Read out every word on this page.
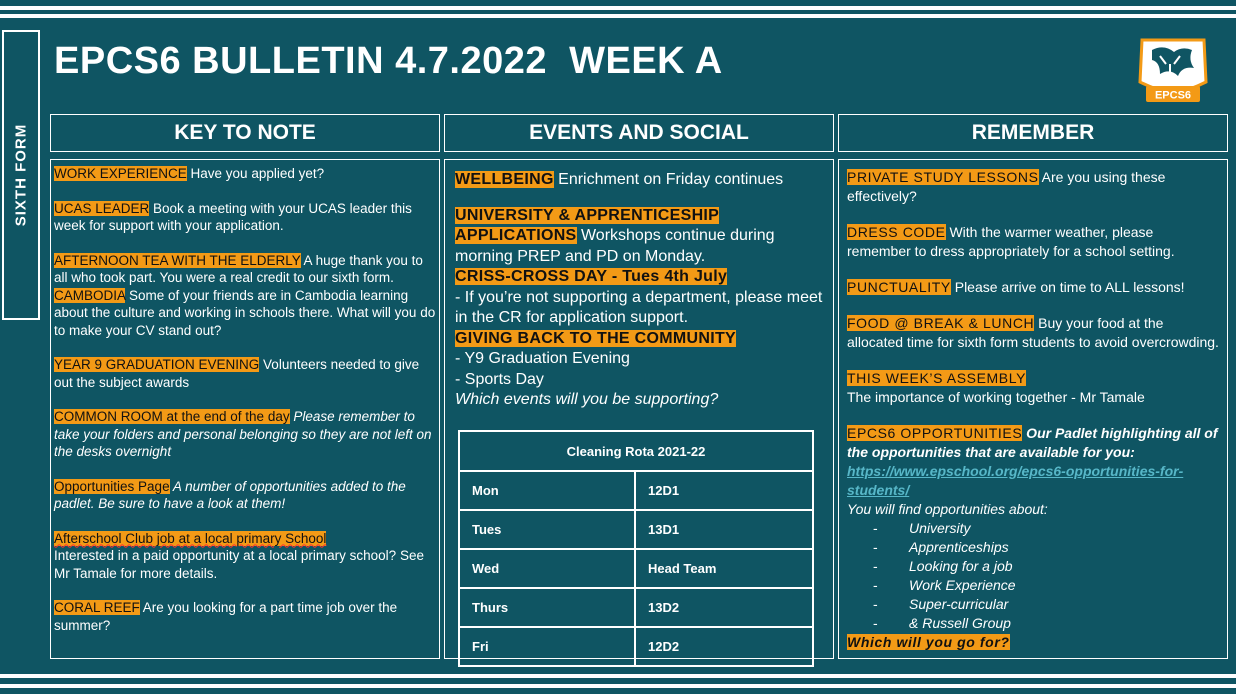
SIXTH FORM
EPCS6 BULLETIN 4.7.2022  WEEK A
EPCS6
KEY TO NOTE	EVENTS AND SOCIAL	REMEMBER
WORK EXPERIENCE Have you applied yet?
UCAS LEADER Book a meeting with your UCAS leader this week for support with your application.
AFTERNOON TEA WITH THE ELDERLY A huge thank you to all who took part. You were a real credit to our sixth form.
CAMBODIA Some of your friends are in Cambodia learning about the culture and working in schools there. What will you do to make your CV stand out?
YEAR 9 GRADUATION EVENING Volunteers needed to give out the subject awards
COMMON ROOM at the end of the day Please remember to take your folders and personal belonging so they are not left on the desks overnight
Opportunities Page A number of opportunities added to the padlet. Be sure to have a look at them!
Afterschool Club job at a local primary School
Interested in a paid opportunity at a local primary school? See Mr Tamale for more details.
CORAL REEF Are you looking for a part time job over the summer?
WELLBEING Enrichment on Friday continues
UNIVERSITY & APPRENTICESHIP
APPLICATIONS Workshops continue during morning PREP and PD on Monday.
CRISS-CROSS DAY - Tues 4th July
- If you’re not supporting a department, please meet in the CR for application support.
GIVING BACK TO THE COMMUNITY
- Y9 Graduation Evening
- Sports Day
Which events will you be supporting?
Cleaning Rota 2021-22	
Mon	12D1
Tues	13D1
Wed	Head Team
Thurs	13D2
Fri	12D2
PRIVATE STUDY LESSONS Are you using these effectively?
DRESS CODE With the warmer weather, please remember to dress appropriately for a school setting.
PUNCTUALITY Please arrive on time to ALL lessons!
FOOD @ BREAK & LUNCH Buy your food at the allocated time for sixth form students to avoid overcrowding.
THIS WEEK’S ASSEMBLY
The importance of working together - Mr Tamale
EPCS6 OPPORTUNITIES Our Padlet highlighting all of the opportunities that are available for you:
https://www.epschool.org/epcs6-opportunities-for-students/
You will find opportunities about:
- University
- Apprenticeships
- Looking for a job
- Work Experience
- Super-curricular
- & Russell Group
Which will you go for?
